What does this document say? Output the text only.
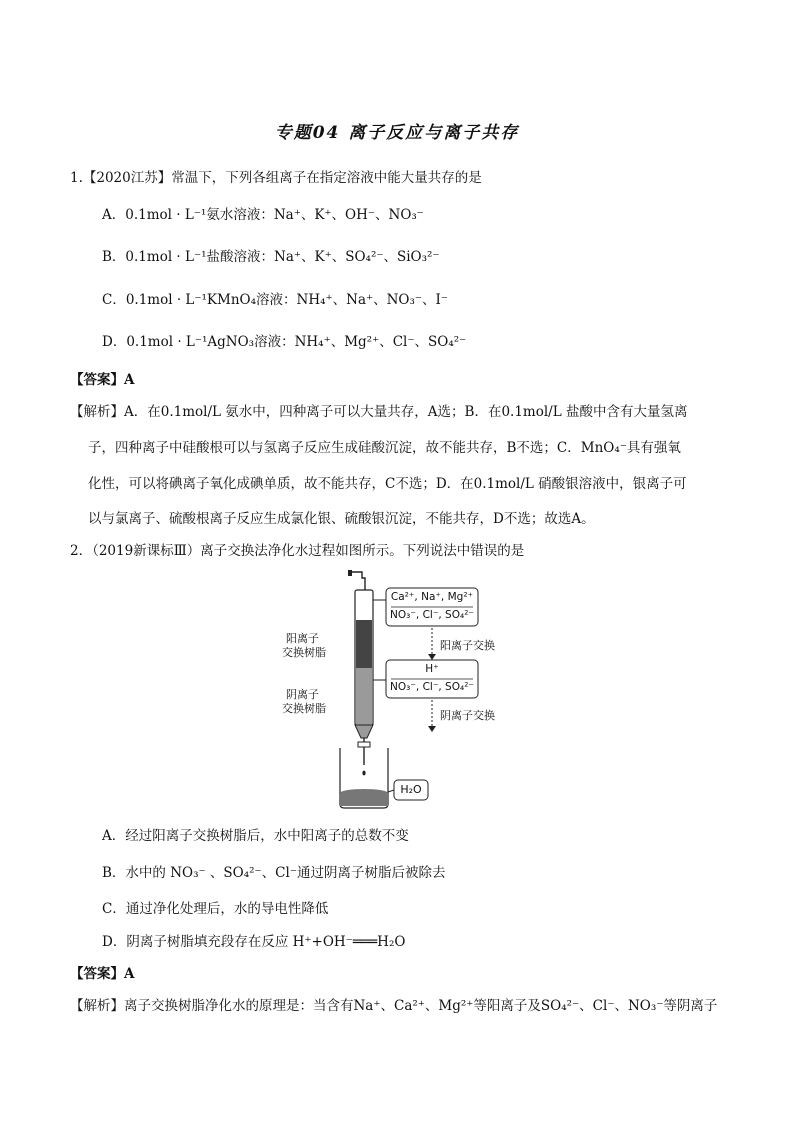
专题04 离子反应与离子共存
1.【2020江苏】常温下，下列各组离子在指定溶液中能大量共存的是
A．0.1mol · L⁻¹氨水溶液：Na⁺、K⁺、OH⁻、NO₃⁻
B．0.1mol · L⁻¹盐酸溶液：Na⁺、K⁺、SO₄²⁻、SiO₃²⁻
C．0.1mol · L⁻¹KMnO₄溶液：NH₄⁺、Na⁺、NO₃⁻、I⁻
D．0.1mol · L⁻¹AgNO₃溶液：NH₄⁺、Mg²⁺、Cl⁻、SO₄²⁻
【答案】A
【解析】A．在0.1mol/L 氨水中，四种离子可以大量共存，A选；B．在0.1mol/L 盐酸中含有大量氢离
子，四种离子中硅酸根可以与氢离子反应生成硅酸沉淀，故不能共存，B不选；C．MnO₄⁻具有强氧
化性，可以将碘离子氧化成碘单质，故不能共存，C不选；D．在0.1mol/L 硝酸银溶液中，银离子可
以与氯离子、硫酸根离子反应生成氯化银、硫酸银沉淀，不能共存，D不选；故选A。
2．（2019新课标Ⅲ）离子交换法净化水过程如图所示。下列说法中错误的是
阳离子
交换树脂
阴离子
交换树脂
Ca²⁺, Na⁺, Mg²⁺
NO₃⁻, Cl⁻, SO₄²⁻
阳离子交换
H⁺
NO₃⁻, Cl⁻, SO₄²⁻
阴离子交换
H₂O
A．经过阳离子交换树脂后，水中阳离子的总数不变
B．水中的 NO₃⁻ 、SO₄²⁻、Cl⁻通过阴离子树脂后被除去
C．通过净化处理后，水的导电性降低
D．阴离子树脂填充段存在反应 H⁺+OH⁻═══H₂O
【答案】A
【解析】离子交换树脂净化水的原理是：当含有Na⁺、Ca²⁺、Mg²⁺等阳离子及SO₄²⁻、Cl⁻、NO₃⁻等阴离子
